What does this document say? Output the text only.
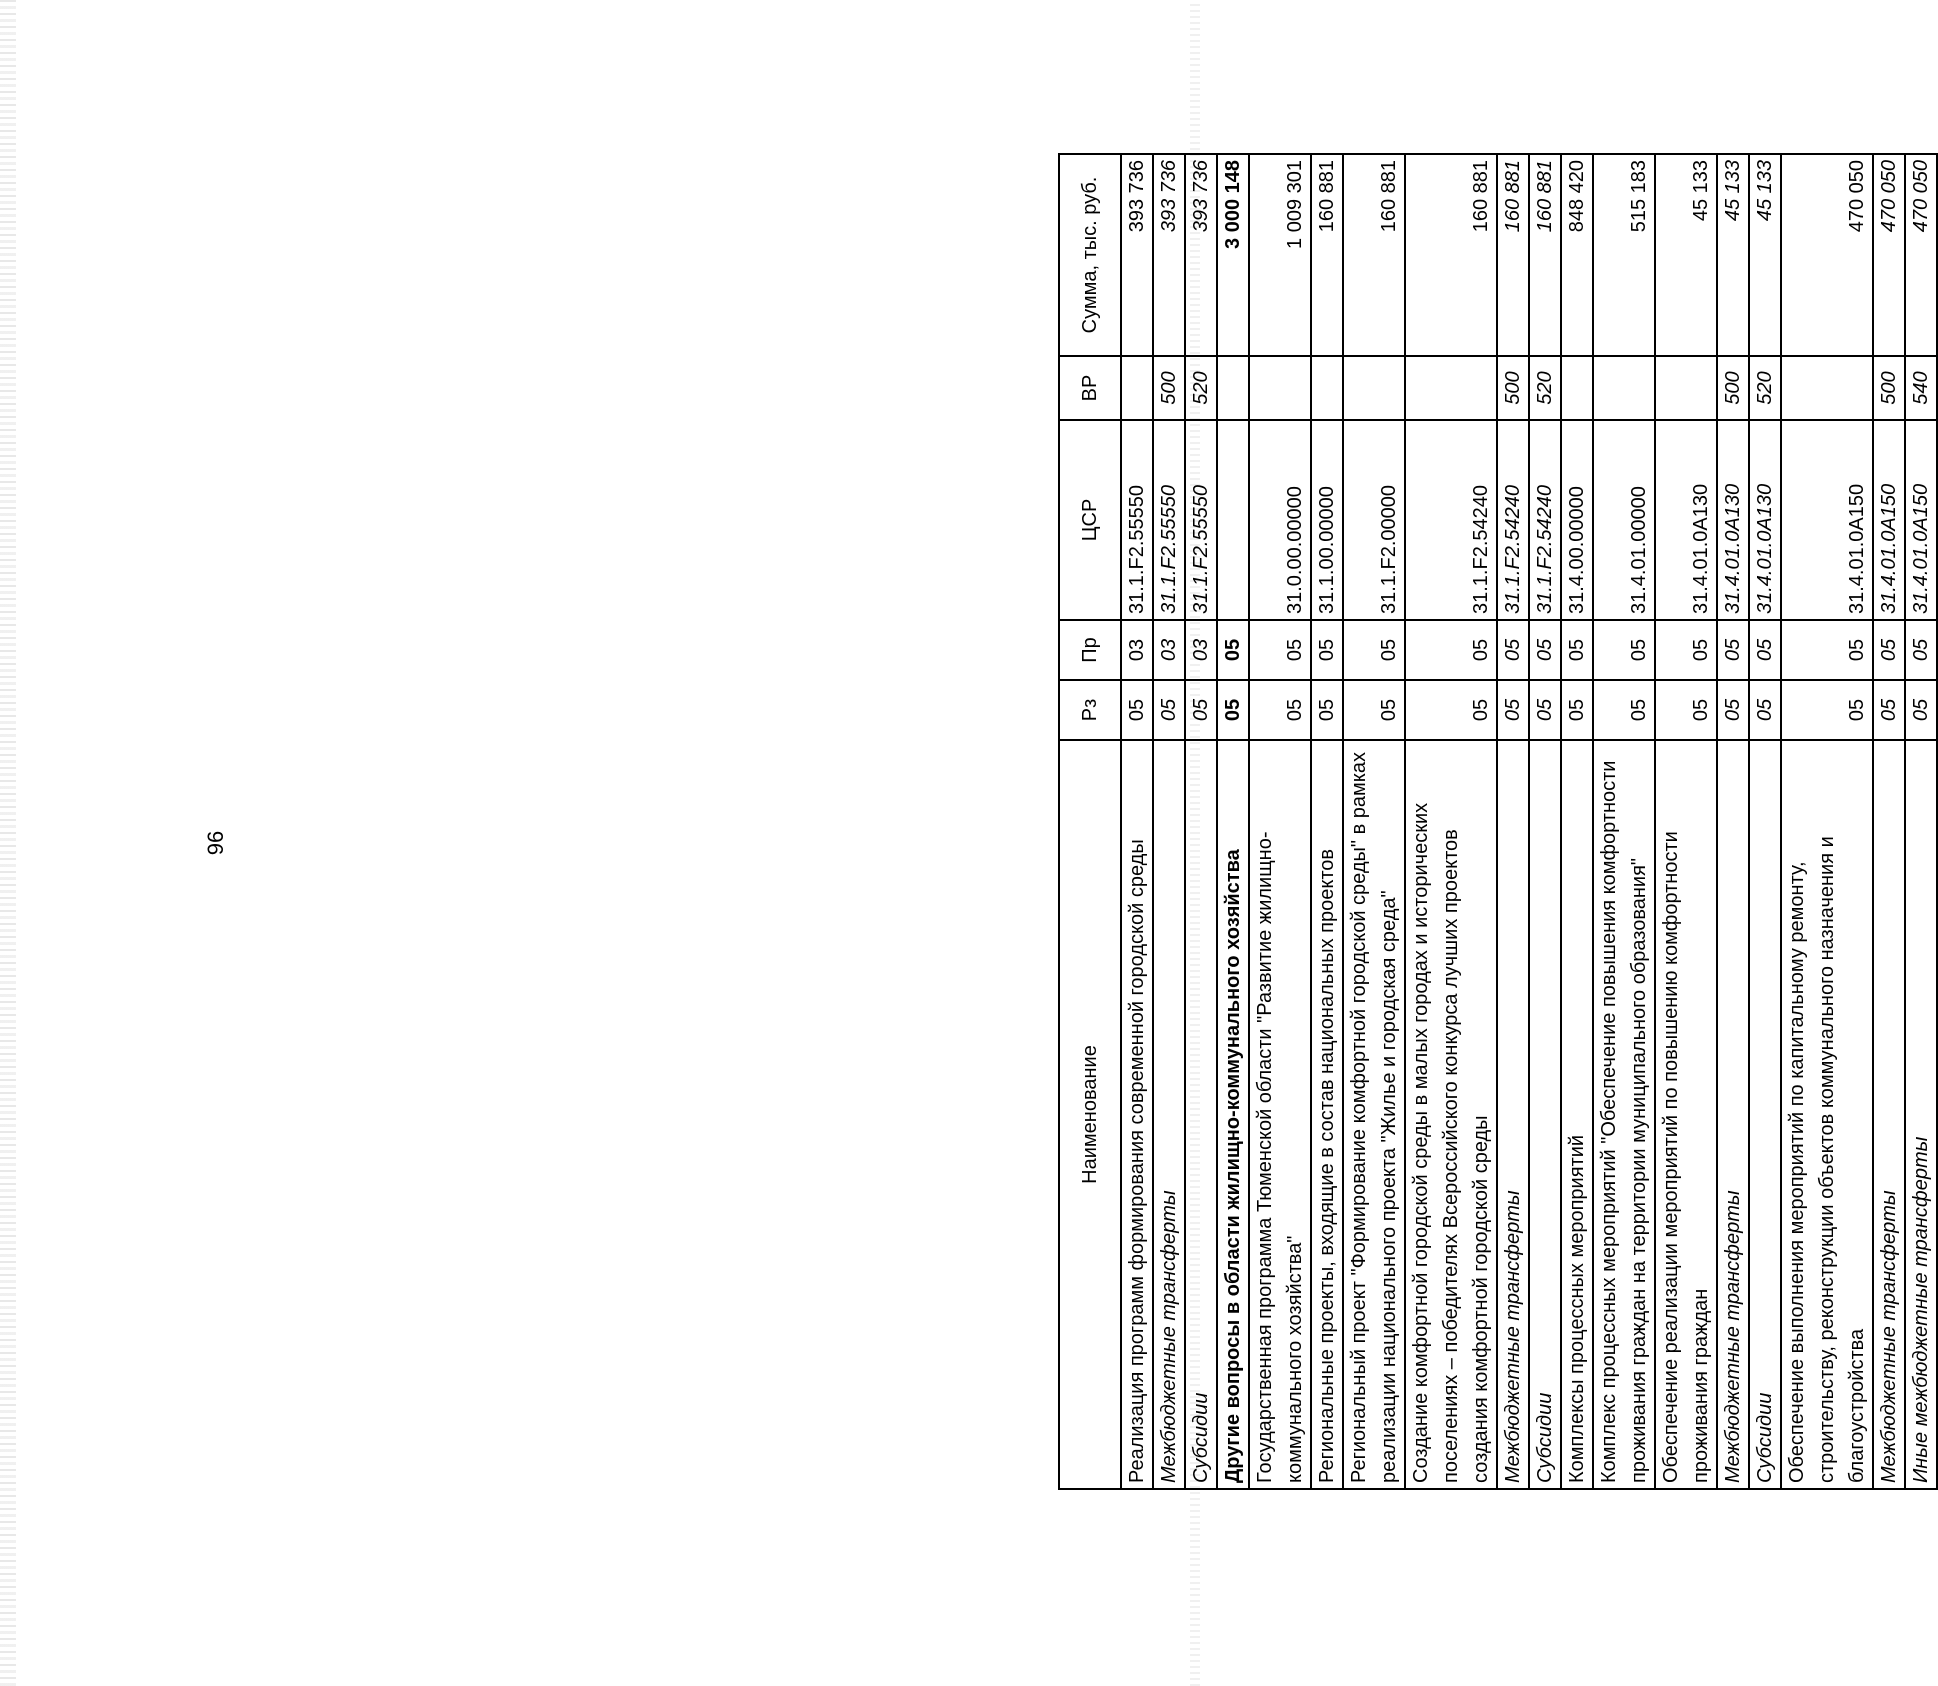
96
Наименование	Рз	Пр	ЦСР	ВР	Сумма, тыс. руб.
Реализация программ формирования современной городской среды	05	03	31.1.F2.55550		393 736
Межбюджетные трансферты	05	03	31.1.F2.55550	500	393 736
Субсидии	05	03	31.1.F2.55550	520	393 736
Другие вопросы в области жилищно-коммунального хозяйства	05	05			3 000 148
Государственная программа Тюменской области "Развитие жилищно-коммунального хозяйства"	05	05	31.0.00.00000		1 009 301
Региональные проекты, входящие в состав национальных проектов	05	05	31.1.00.00000		160 881
Региональный проект "Формирование комфортной городской среды" в рамках реализации национального проекта "Жилье и городская среда"	05	05	31.1.F2.00000		160 881
Создание комфортной городской среды в малых городах и исторических поселениях – победителях Всероссийского конкурса лучших проектов создания комфортной городской среды	05	05	31.1.F2.54240		160 881
Межбюджетные трансферты	05	05	31.1.F2.54240	500	160 881
Субсидии	05	05	31.1.F2.54240	520	160 881
Комплексы процессных мероприятий	05	05	31.4.00.00000		848 420
Комплекс процессных мероприятий "Обеспечение повышения комфортности проживания граждан на территории муниципального образования"	05	05	31.4.01.00000		515 183
Обеспечение реализации мероприятий по повышению комфортности проживания граждан	05	05	31.4.01.0A130		45 133
Межбюджетные трансферты	05	05	31.4.01.0A130	500	45 133
Субсидии	05	05	31.4.01.0A130	520	45 133
Обеспечение выполнения мероприятий по капитальному ремонту, строительству, реконструкции объектов коммунального назначения и благоустройства	05	05	31.4.01.0A150		470 050
Межбюджетные трансферты	05	05	31.4.01.0A150	500	470 050
Иные межбюджетные трансферты	05	05	31.4.01.0A150	540	470 050
